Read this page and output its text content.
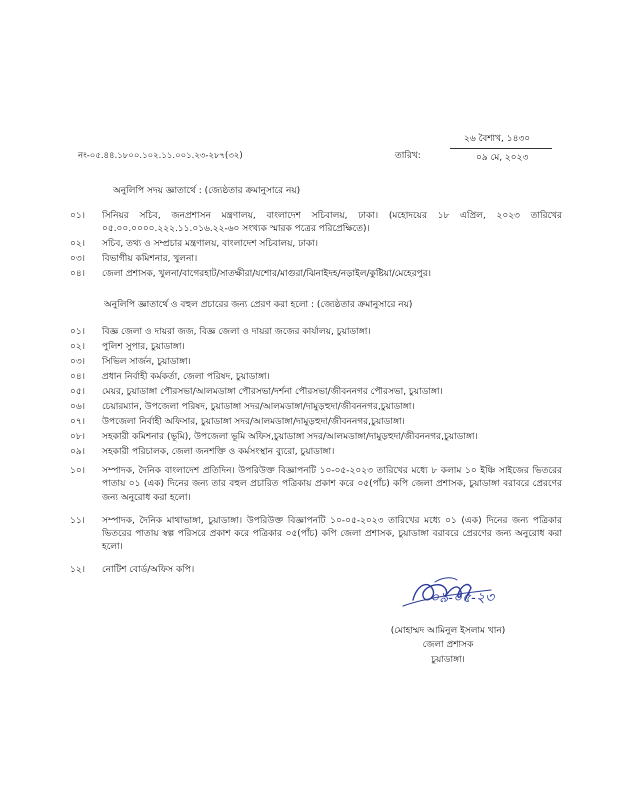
নং-০৫.৪৪.১৮০০.১০২.১১.০০১.২৩-২৮৭(৩২)
২৬ বৈশাখ, ১৪৩০
তারিখ:	০৯ মে, ২০২৩
অনুলিপি সদয় জ্ঞাতার্থে : (জ্যেষ্ঠতার ক্রমানুসারে নয়)
০১।	সিনিয়র সচিব, জনপ্রশাসন মন্ত্রণালয়, বাংলাদেশ সচিবালয়, ঢাকা। (মহোদয়ের ১৮ এপ্রিল, ২০২৩ তারিখের ০৫.০০.০০০০.২২২.১১.০১৬.২২-৬০ সংখ্যক স্মারক পত্রের পরিপ্রেক্ষিতে)।
০২।	সচিব, তথ্য ও সম্প্রচার মন্ত্রণালয়, বাংলাদেশ সচিবালয়, ঢাকা।
০৩।	বিভাগীয় কমিশনার, খুলনা।
০৪।	জেলা প্রশাসক, খুলনা/বাগেরহাট/সাতক্ষীরা/যশোর/মাগুরা/ঝিনাইদহ/নড়াইল/কুষ্টিয়া/মেহেরপুর।
অনুলিপি জ্ঞাতার্থে ও বহুল প্রচারের জন্য প্রেরণ করা হলো : (জ্যেষ্ঠতার ক্রমানুসারে নয়)
০১।	বিজ্ঞ জেলা ও দায়রা জজ, বিজ্ঞ জেলা ও দায়রা জজের কার্যালয়, চুয়াডাঙ্গা।
০২।	পুলিশ সুপার, চুয়াডাঙ্গা।
০৩।	সিভিল সার্জন, চুয়াডাঙ্গা।
০৪।	প্রধান নির্বাহী কর্মকর্তা, জেলা পরিষদ, চুয়াডাঙ্গা।
০৫।	মেয়র, চুয়াডাঙ্গা পৌরসভা/আলমডাঙ্গা পৌরসভা/দর্শনা পৌরসভা/জীবননগর পৌরসভা, চুয়াডাঙ্গা।
০৬।	চেয়ারম্যান, উপজেলা পরিষদ, চুয়াডাঙ্গা সদর/আলমডাঙ্গা/দামুড়হুদা/জীবননগর,চুয়াডাঙ্গা।
০৭।	উপজেলা নির্বাহী অফিসার, চুয়াডাঙ্গা সদর/আলমডাঙ্গা/দামুড়হুদা/জীবননগর,চুয়াডাঙ্গা।
০৮।	সহকারী কমিশনার (ভূমি), উপজেলা ভূমি অফিস,চুয়াডাঙ্গা সদর/আলমডাঙ্গা/দামুড়হুদা/জীবননগর,চুয়াডাঙ্গা।
০৯।	সহকারী পরিচালক, জেলা জনশক্তি ও কর্মসংস্থান ব্যুরো, চুয়াডাঙ্গা।
১০।	সম্পাদক, দৈনিক বাংলাদেশ প্রতিদিন। উপরিউক্ত বিজ্ঞাপনটি ১০-০৫-২০২৩ তারিখের মধ্যে ৮ কলাম ১০ ইঞ্চি সাইজের ভিতরের পাতায় ০১ (এক) দিনের জন্য তার বহুল প্রচারিত পত্রিকায় প্রকাশ করে ০৫(পাঁচ) কপি জেলা প্রশাসক, চুয়াডাঙ্গা বরাবরে প্রেরণের জন্য অনুরোধ করা হলো।
১১।	সম্পাদক, দৈনিক মাথাভাঙ্গা, চুয়াডাঙ্গা। উপরিউক্ত বিজ্ঞাপনটি ১০-০৫-২০২৩ তারিখের মধ্যে ০১ (এক) দিনের জন্য পত্রিকার ভিতরের পাতায় স্বল্প পরিসরে প্রকাশ করে পত্রিকার ০৫(পাঁচ) কপি জেলা প্রশাসক, চুয়াডাঙ্গা বরাবরে প্রেরণের জন্য অনুরোধ করা হলো।
১২।	নোটিশ বোর্ড/অফিস কপি।
০৯-০৫-২৩
(মোহাম্মদ আমিনুল ইসলাম খান)
জেলা প্রশাসক
চুয়াডাঙ্গা।
